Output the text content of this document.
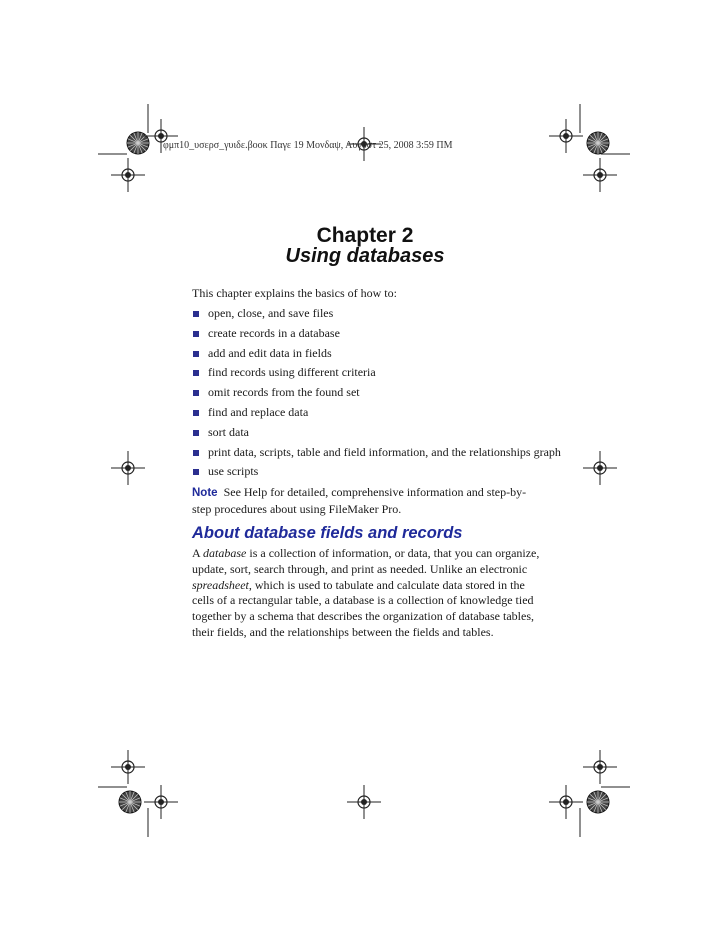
φμπ10_υσερσ_γυιδε.βοοκ Παγε 19 Μονδαψ, Αυγυστ 25, 2008 3:59 ΠΜ
Chapter 2
Using databases

This chapter explains the basics of how to:

open, close, and save files
create records in a database
add and edit data in fields
find records using different criteria
omit records from the found set
find and replace data
sort data
print data, scripts, table and field information, and the relationships graph
use scripts

Note See Help for detailed, comprehensive information and step-by-step procedures about using FileMaker Pro.

About database fields and records

A database is a collection of information, or data, that you can organize, update, sort, search through, and print as needed. Unlike an electronic spreadsheet, which is used to tabulate and calculate data stored in the cells of a rectangular table, a database is a collection of knowledge tied together by a schema that describes the organization of database tables, their fields, and the relationships between the fields and tables.
